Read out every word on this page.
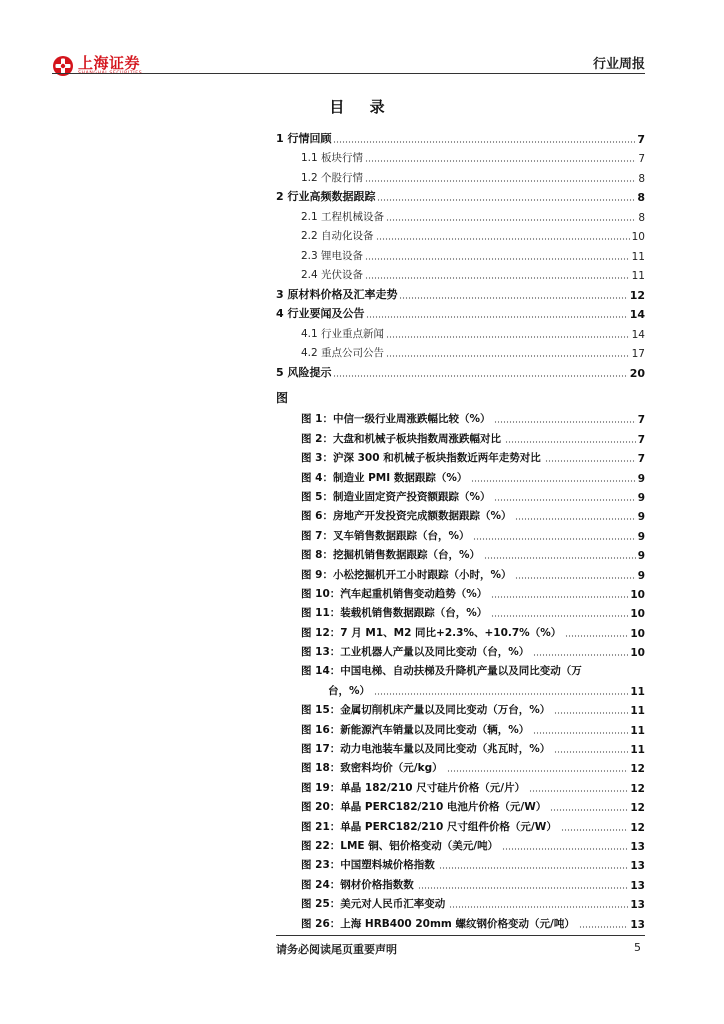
上海证券
SHANGHAI SECURITIES
行业周报
目 录
1 行情回顾	7
1.1 板块行情	7
1.2 个股行情	8
2 行业高频数据跟踪	8
2.1 工程机械设备	8
2.2 自动化设备	10
2.3 锂电设备	11
2.4 光伏设备	11
3 原材料价格及汇率走势	12
4 行业要闻及公告	14
4.1 行业重点新闻	14
4.2 重点公司公告	17
5 风险提示	20
图
图 1：中信一级行业周涨跌幅比较（%）	7
图 2：大盘和机械子板块指数周涨跌幅对比	7
图 3：沪深 300 和机械子板块指数近两年走势对比	7
图 4：制造业 PMI 数据跟踪（%）	9
图 5：制造业固定资产投资额跟踪（%）	9
图 6：房地产开发投资完成额数据跟踪（%）	9
图 7：叉车销售数据跟踪（台，%）	9
图 8：挖掘机销售数据跟踪（台，%）	9
图 9：小松挖掘机开工小时跟踪（小时，%）	9
图 10：汽车起重机销售变动趋势（%）	10
图 11：装载机销售数据跟踪（台，%）	10
图 12：7 月 M1、M2 同比+2.3%、+10.7%（%）	10
图 13：工业机器人产量以及同比变动（台，%）	10
图 14：中国电梯、自动扶梯及升降机产量以及同比变动（万
台，%）	11
图 15：金属切削机床产量以及同比变动（万台，%）	11
图 16：新能源汽车销量以及同比变动（辆，%）	11
图 17：动力电池装车量以及同比变动（兆瓦时，%）	11
图 18：致密料均价（元/kg）	12
图 19：单晶 182/210 尺寸硅片价格（元/片）	12
图 20：单晶 PERC182/210 电池片价格（元/W）	12
图 21：单晶 PERC182/210 尺寸组件价格（元/W）	12
图 22：LME 铜、铝价格变动（美元/吨）	13
图 23：中国塑料城价格指数	13
图 24：钢材价格指数数	13
图 25：美元对人民币汇率变动	13
图 26：上海 HRB400 20mm 螺纹钢价格变动（元/吨）	13
请务必阅读尾页重要声明	5
